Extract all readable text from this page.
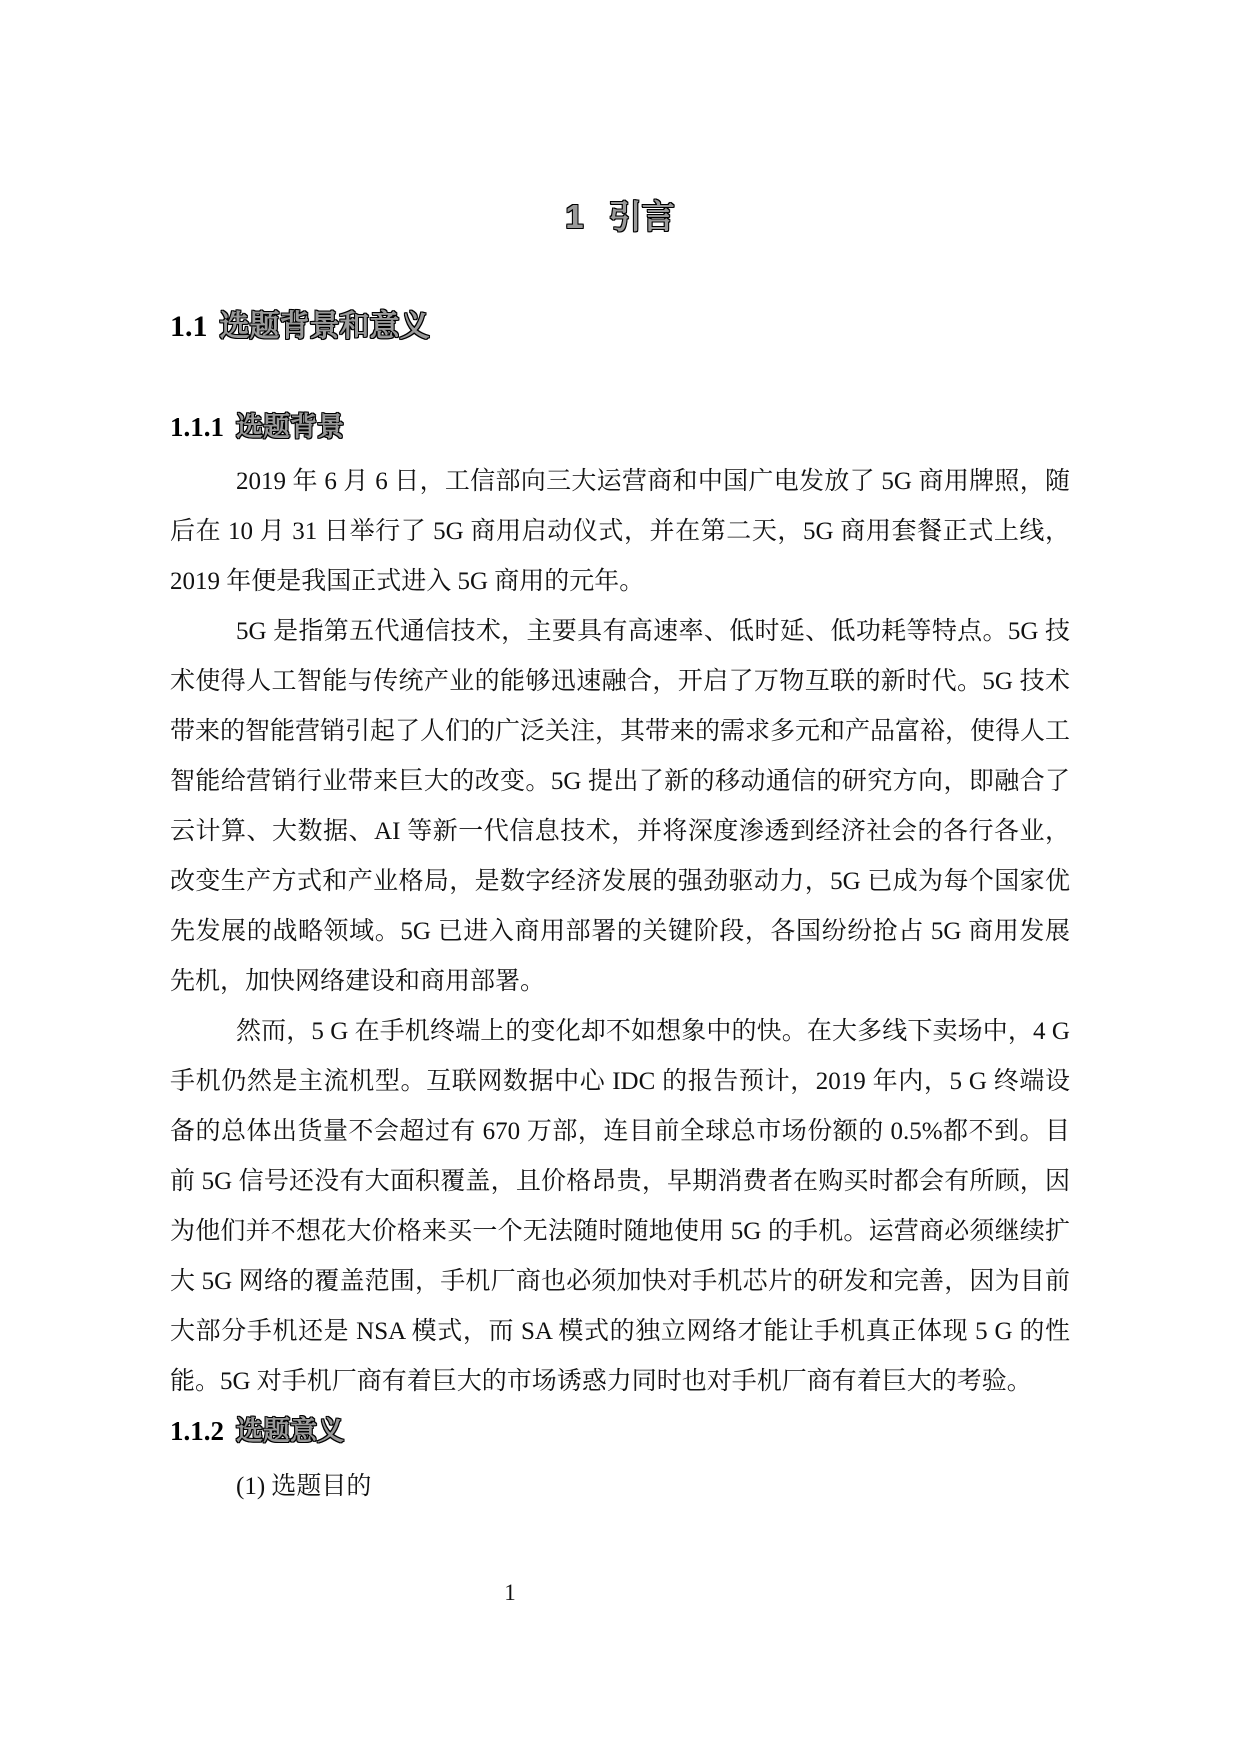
1 引言
1.1 选题背景和意义
1.1.1 选题背景

2019 年 6 月 6 日，工信部向三大运营商和中国广电发放了 5G 商用牌照，随后在 10 月 31 日举行了 5G 商用启动仪式，并在第二天，5G 商用套餐正式上线，2019 年便是我国正式进入 5G 商用的元年。

5G 是指第五代通信技术，主要具有高速率、低时延、低功耗等特点。5G 技术使得人工智能与传统产业的能够迅速融合，开启了万物互联的新时代。5G 技术带来的智能营销引起了人们的广泛关注，其带来的需求多元和产品富裕，使得人工智能给营销行业带来巨大的改变。5G 提出了新的移动通信的研究方向，即融合了云计算、大数据、AI 等新一代信息技术，并将深度渗透到经济社会的各行各业，改变生产方式和产业格局，是数字经济发展的强劲驱动力，5G 已成为每个国家优先发展的战略领域。5G 已进入商用部署的关键阶段，各国纷纷抢占 5G 商用发展先机，加快网络建设和商用部署。

然而，5 G 在手机终端上的变化却不如想象中的快。在大多线下卖场中，4 G 手机仍然是主流机型。互联网数据中心 IDC 的报告预计，2019 年内，5 G 终端设备的总体出货量不会超过有 670 万部，连目前全球总市场份额的 0.5%都不到。目前 5G 信号还没有大面积覆盖，且价格昂贵，早期消费者在购买时都会有所顾，因为他们并不想花大价格来买一个无法随时随地使用 5G 的手机。运营商必须继续扩大 5G 网络的覆盖范围，手机厂商也必须加快对手机芯片的研发和完善，因为目前大部分手机还是 NSA 模式，而 SA 模式的独立网络才能让手机真正体现 5 G 的性能。5G 对手机厂商有着巨大的市场诱惑力同时也对手机厂商有着巨大的考验。

1.1.2 选题意义

(1) 选题目的

1
